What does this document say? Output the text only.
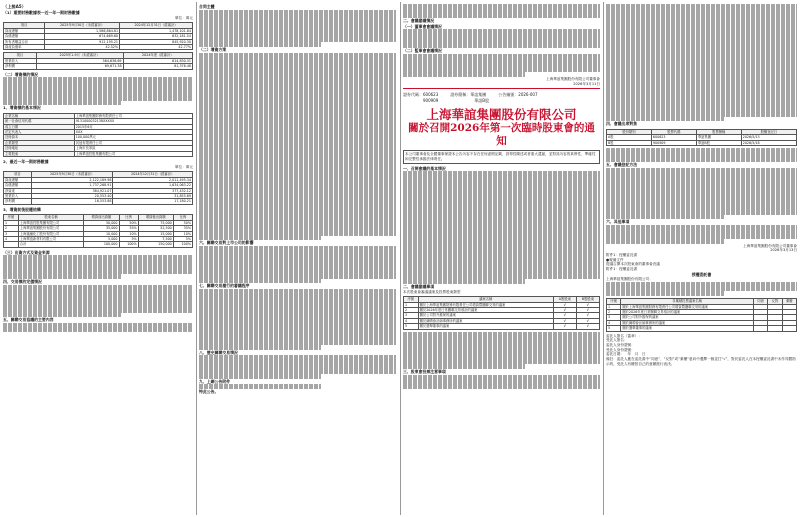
（上接A5）
（1）重要財務數據表一近一年一期財務數據
單位：萬元
項目	2025年9月30日（未經審計）	2024年12月31日（經審計）
資產總額	1,586,864.81	1,478,101.84
負債總額	674,669.60	632,181.54
所有者權益合計	912,195.21	845,920.30
資產負債率	42.52%	42.77%
項目	2025年1-9月（未經審計）	2024年度（經審計）
營業收入	564,636.69	614,830.31
淨利潤	69,671.38	61,376.48
（二）增資標的情況
1、增資標的基本情況
企業名稱	上海華誼集團財務有限責任公司
統一社會信用代碼	9131000032138XXXXX
成立日期	2015年6月
法定代表人	XXX
註冊資本	100,000萬元
企業類型	其他有限責任公司
註冊地址	上海市長寧區
主要股東	上海華誼控股集團有限公司
2、最近一年一期財務數據
單位：萬元
項目	2025年9月30日（未經審計）	2024年12月31日（經審計）
資產總額	2,122,189.98	2,011,495.34
負債總額	1,737,268.91	1,634,063.22
淨資產	384,921.07	377,432.12
營業收入	20,553.40	31,855.69
淨利潤	16,553.88	17,180.21
3、增資前後股權結構
序號	股東名稱	增資前出資額	比例	增資後出資額	比例
1	上海華誼控股集團有限公司	50,000	50%	75,000	50%
2	上海華誼集團股份有限公司	35,000	35%	52,500	35%
3	上海氯鹼化工股份有限公司	10,000	10%	15,000	10%
4	上海華誼新材料有限公司	5,000	5%	7,500	5%
	合計	100,000	100%	150,000	100%
（三）出資方式及資金來源
四、交易標的定價情況
五、關聯交易協議的主要內容
合同主體
（二）增資方案
六、關聯交易對上市公司的影響
七、關聯交易履行的審議程序
八、歷史關聯交易情況
九、上網公告附件
特此公告。
二、會議審議情況
（一）董事會會議情況
（二）監事會會議情況
上海華誼集團股份有限公司董事會
2026年3月11日
證券代碼：600623　　　證券簡稱：華誼集團　　　公告編號：2026-007
　　　　　900909　　　　　　　　　華誼B股
上海華誼集團股份有限公司
關於召開2026年第一次臨時股東會的通知
本公司董事會及全體董事保證本公告內容不存在任何虛假記載、誤導性陳述或者重大遺漏，並對其內容的真實性、準確性和完整性承擔法律責任。
一、召開會議的基本情況
二、會議審議事項
本次股東會審議議案及投票股東類型
序號	議案名稱	A股股東	B股股東
1	關於上海華誼集團財務有限責任公司增資暨關聯交易的議案	√	√
2	關於2026年度日常關聯交易預計的議案	√	√
3	關於公司對外擔保的議案	√	√
4	關於續聘會計師事務所的議案	√	√
5	關於選舉董事的議案	√	√
三、股東會投票注意事項
四、會議出席對象
股份類別	股票代碼	股票簡稱	股權登記日
A股	600623	華誼集團	2026/5/13
B股	900909	華誼B股	2026/5/18
五、會議登記方法
六、其他事項
上海華誼集團股份有限公司董事會
2026年3月13日
附件1：授權委託書
●報備文件
提議召開本次股東會的董事會決議
附件1：授權委託書
授權委託書
上海華誼集團股份有限公司：
序號	非累積投票議案名稱	同意	反對	棄權
1	關於上海華誼集團財務有限責任公司增資暨關聯交易的議案			
2	關於2026年度日常關聯交易預計的議案			
3	關於公司對外擔保的議案			
4	關於續聘會計師事務所的議案			
5	關於選舉董事的議案			
委託人簽名（蓋章）：
受託人簽名：
委託人身份證號：
受託人身份證號：
委託日期：　年　月　日
備註：委託人應在委託書中“同意”、“反對”或“棄權”意向中選擇一個並打“√”，對於委託人在本授權委託書中未作具體指示的，受託人有權按自己的意願進行表決。
